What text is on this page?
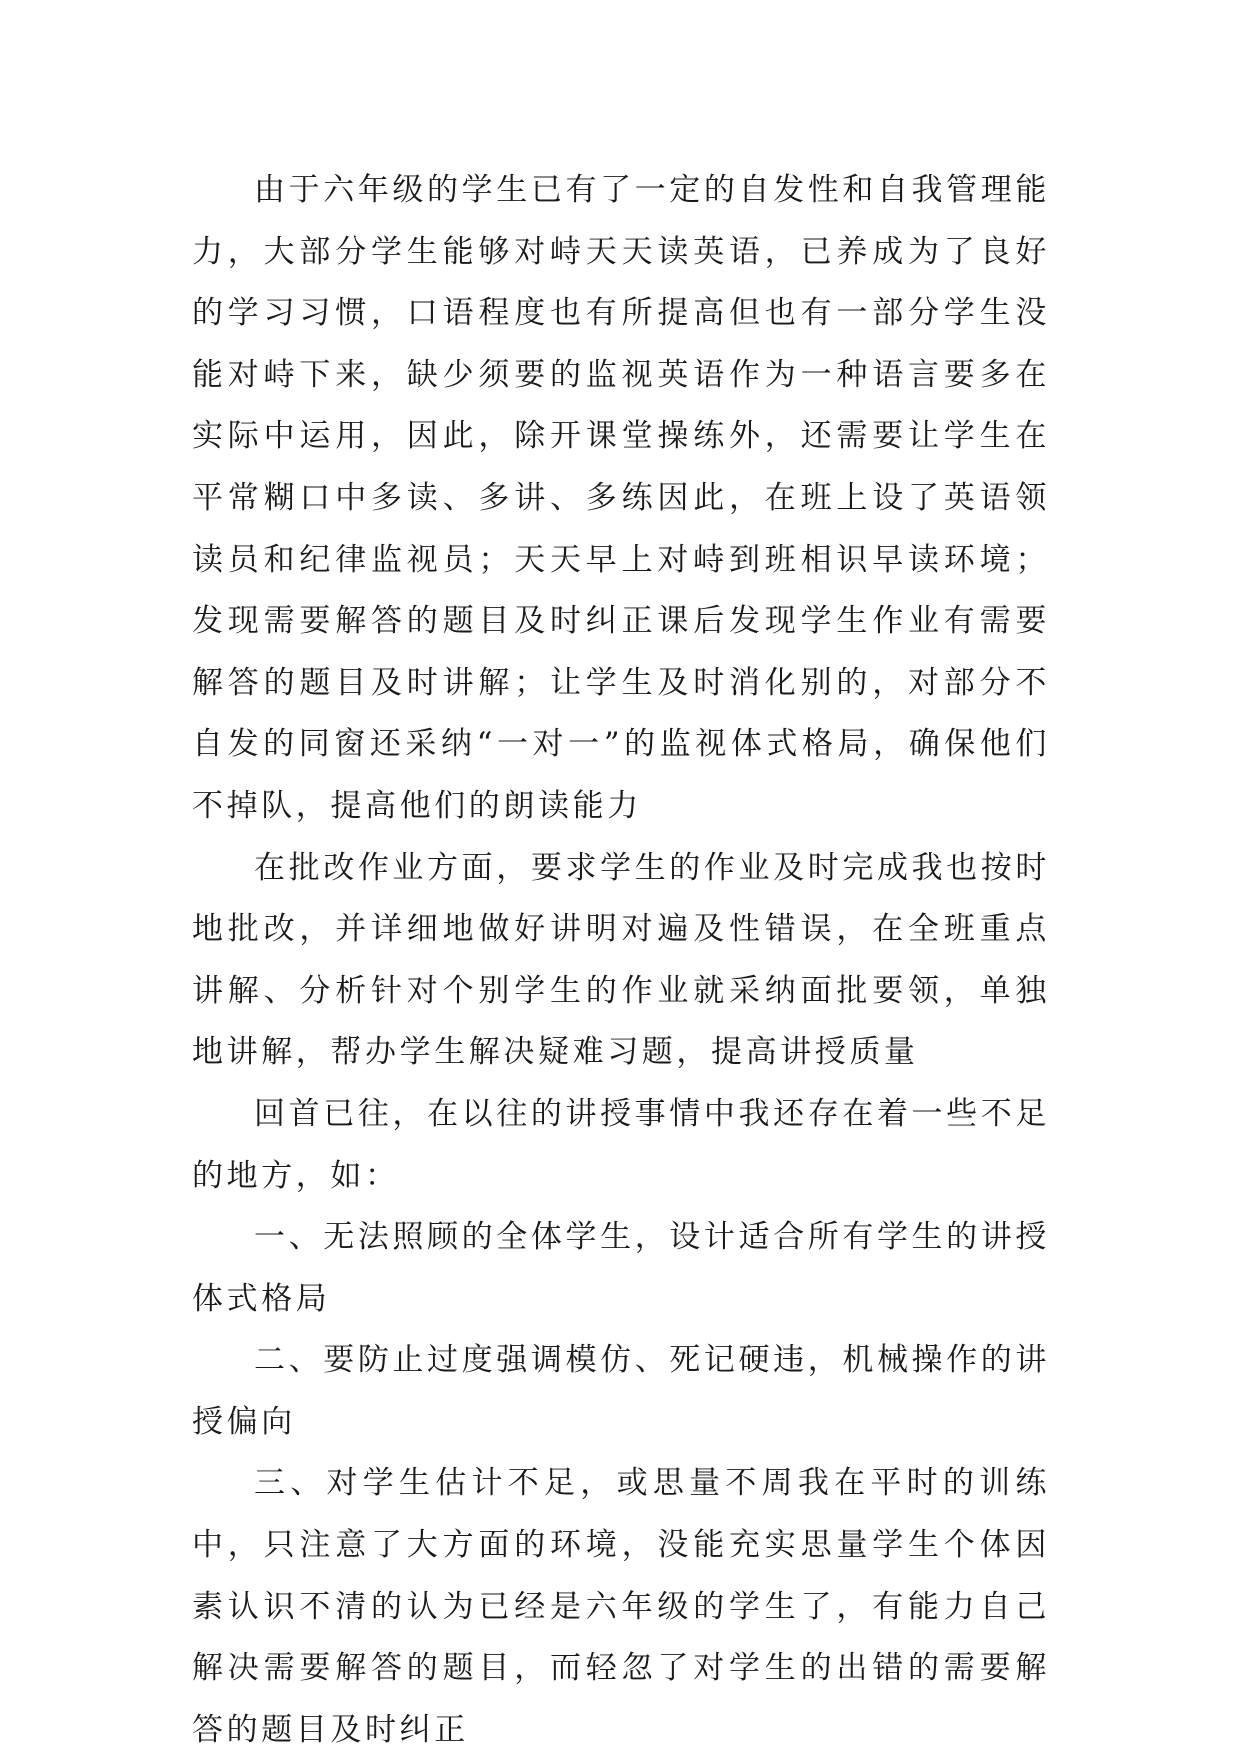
由于六年级的学生已有了一定的自发性和自我管理能力，大部分学生能够对峙天天读英语，已养成为了良好的学习习惯，口语程度也有所提高但也有一部分学生没能对峙下来，缺少须要的监视英语作为一种语言要多在实际中运用，因此，除开课堂操练外，还需要让学生在平常糊口中多读、多讲、多练因此，在班上设了英语领读员和纪律监视员；天天早上对峙到班相识早读环境；发现需要解答的题目及时纠正课后发现学生作业有需要解答的题目及时讲解；让学生及时消化别的，对部分不自发的同窗还采纳“一对一”的监视体式格局，确保他们不掉队，提高他们的朗读能力

在批改作业方面，要求学生的作业及时完成我也按时地批改，并详细地做好讲明对遍及性错误，在全班重点讲解、分析针对个别学生的作业就采纳面批要领，单独地讲解，帮办学生解决疑难习题，提高讲授质量

回首已往，在以往的讲授事情中我还存在着一些不足的地方，如：

一、无法照顾的全体学生，设计适合所有学生的讲授体式格局

二、要防止过度强调模仿、死记硬违，机械操作的讲授偏向

三、对学生估计不足，或思量不周我在平时的训练中，只注意了大方面的环境，没能充实思量学生个体因素认识不清的认为已经是六年级的学生了，有能力自己解决需要解答的题目，而轻忽了对学生的出错的需要解答的题目及时纠正
